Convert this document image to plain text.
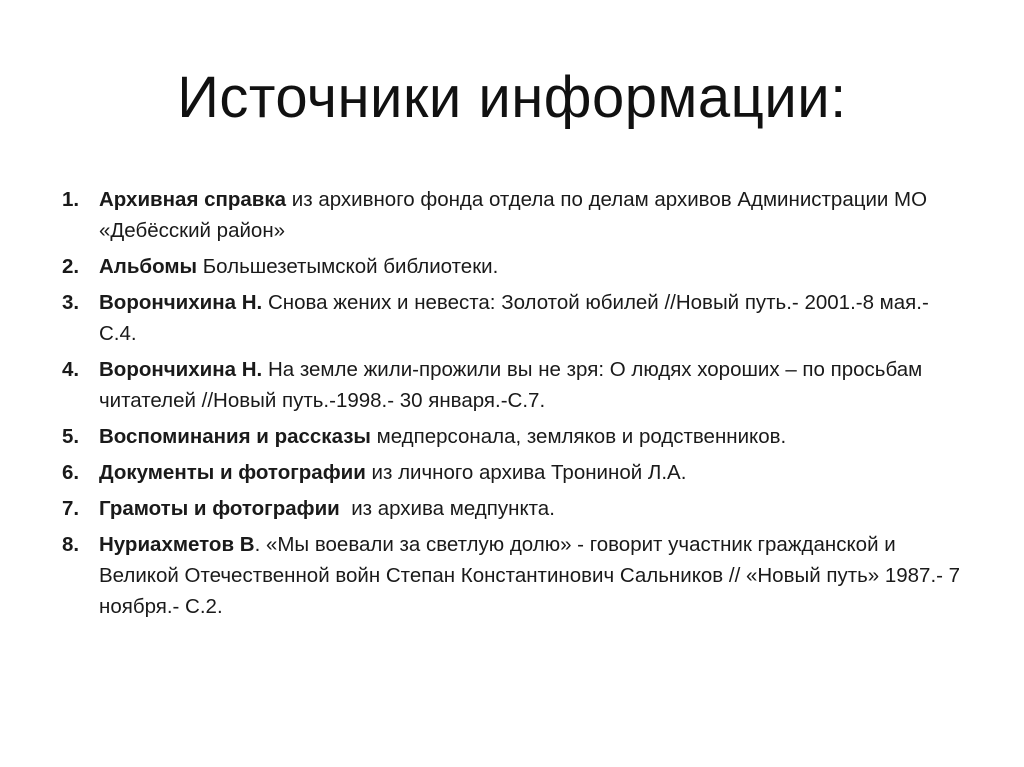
Источники информации:
1. Архивная справка из архивного фонда отдела по делам архивов Администрации МО «Дебёсский район»
2. Альбомы Большезетымской библиотеки.
3. Ворончихина Н. Снова жених и невеста: Золотой юбилей //Новый путь.- 2001.-8 мая.-С.4.
4. Ворончихина Н. На земле жили-прожили вы не зря: О людях хороших – по просьбам читателей //Новый путь.-1998.- 30 января.-С.7.
5. Воспоминания и рассказы медперсонала, земляков и родственников.
6. Документы и фотографии из личного архива Трониной Л.А.
7. Грамоты и фотографии  из архива медпункта.
8. Нуриахметов В. «Мы воевали за светлую долю» - говорит участник гражданской и Великой Отечественной войн Степан Константинович Сальников // «Новый путь» 1987.- 7 ноября.- С.2.
